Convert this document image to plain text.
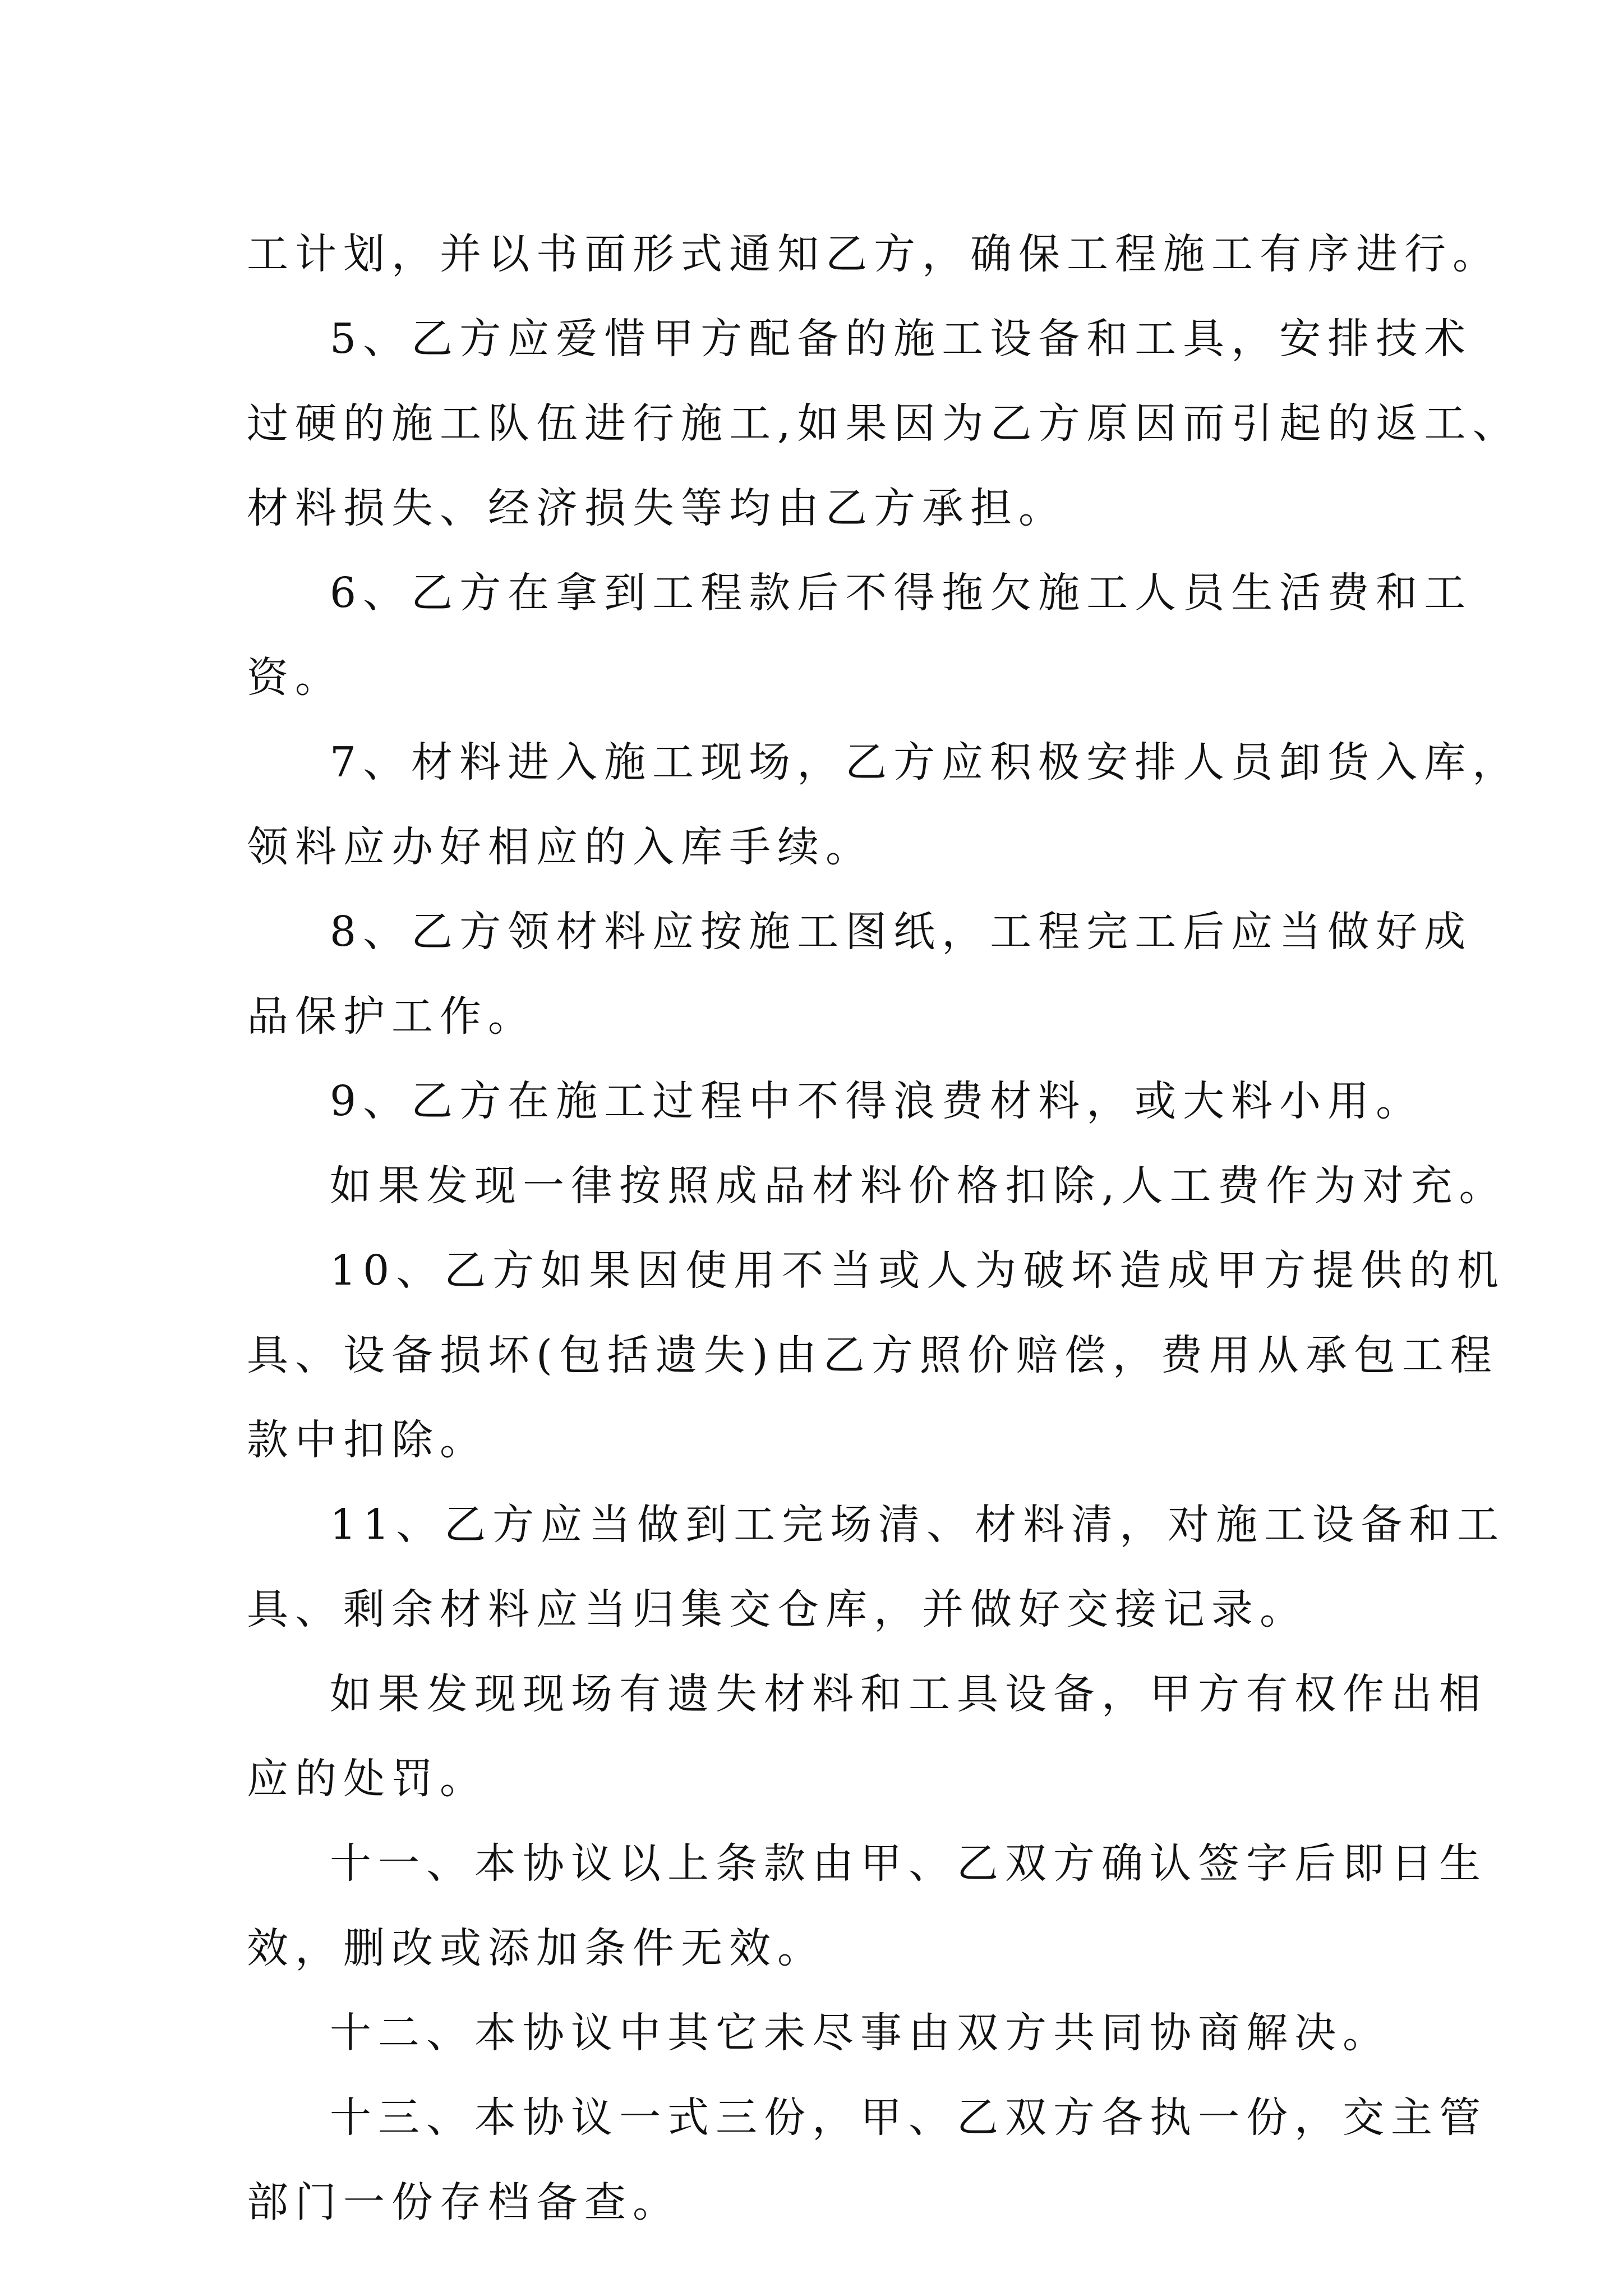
工计划，并以书面形式通知乙方，确保工程施工有序进行。
5、乙方应爱惜甲方配备的施工设备和工具，安排技术
过硬的施工队伍进行施工,如果因为乙方原因而引起的返工、
材料损失、经济损失等均由乙方承担。
6、乙方在拿到工程款后不得拖欠施工人员生活费和工
资。
7、材料进入施工现场，乙方应积极安排人员卸货入库，
领料应办好相应的入库手续。
8、乙方领材料应按施工图纸，工程完工后应当做好成
品保护工作。
9、乙方在施工过程中不得浪费材料，或大料小用。
如果发现一律按照成品材料价格扣除,人工费作为对充。
10、乙方如果因使用不当或人为破坏造成甲方提供的机
具、设备损坏(包括遗失)由乙方照价赔偿，费用从承包工程
款中扣除。
11、乙方应当做到工完场清、材料清，对施工设备和工
具、剩余材料应当归集交仓库，并做好交接记录。
如果发现现场有遗失材料和工具设备，甲方有权作出相
应的处罚。
十一、本协议以上条款由甲、乙双方确认签字后即日生
效，删改或添加条件无效。
十二、本协议中其它未尽事由双方共同协商解决。
十三、本协议一式三份，甲、乙双方各执一份，交主管
部门一份存档备查。
